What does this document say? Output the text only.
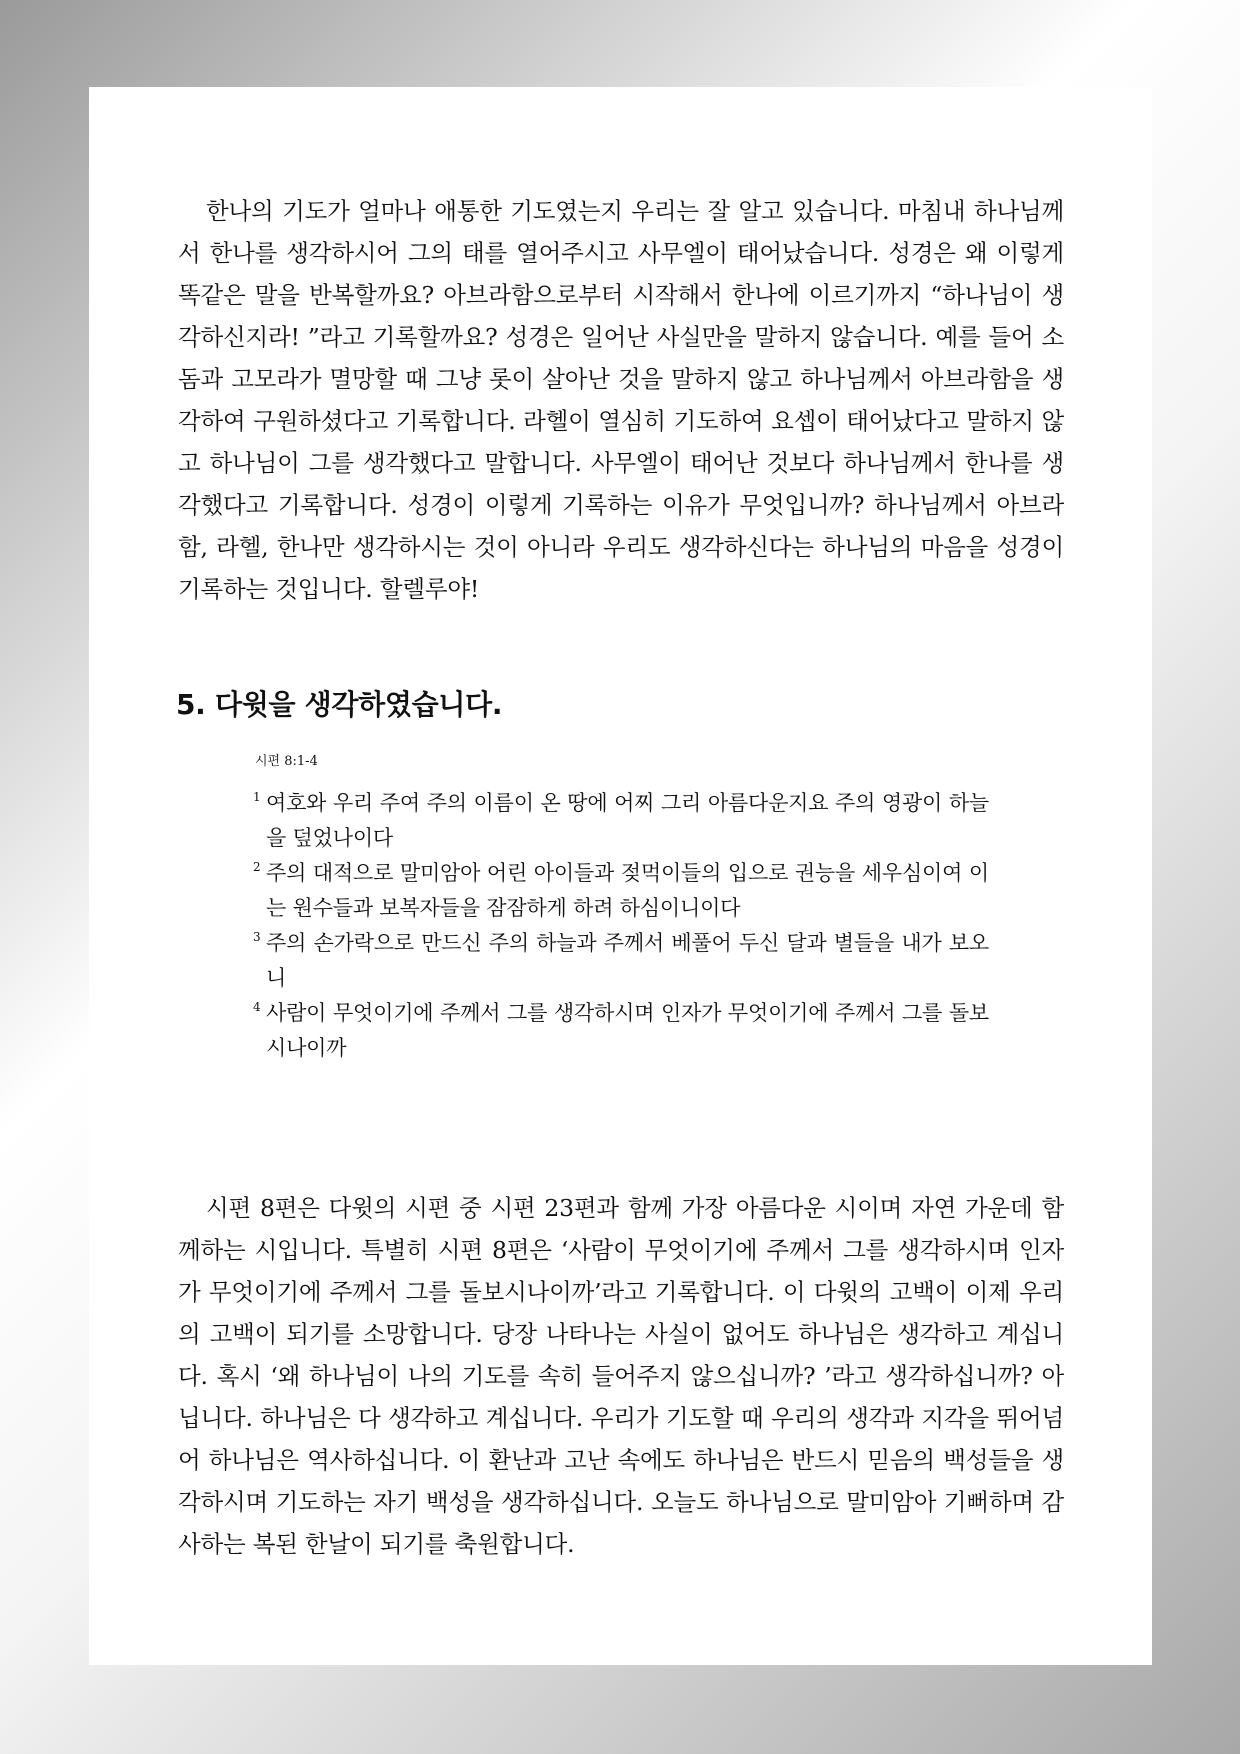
한나의 기도가 얼마나 애통한 기도였는지 우리는 잘 알고 있습니다. 마침내 하나님께서 한나를 생각하시어 그의 태를 열어주시고 사무엘이 태어났습니다. 성경은 왜 이렇게 똑같은 말을 반복할까요? 아브라함으로부터 시작해서 한나에 이르기까지 “하나님이 생각하신지라! ”라고 기록할까요? 성경은 일어난 사실만을 말하지 않습니다. 예를 들어 소돔과 고모라가 멸망할 때 그냥 롯이 살아난 것을 말하지 않고 하나님께서 아브라함을 생각하여 구원하셨다고 기록합니다. 라헬이 열심히 기도하여 요셉이 태어났다고 말하지 않고 하나님이 그를 생각했다고 말합니다. 사무엘이 태어난 것보다 하나님께서 한나를 생각했다고 기록합니다. 성경이 이렇게 기록하는 이유가 무엇입니까? 하나님께서 아브라함, 라헬, 한나만 생각하시는 것이 아니라 우리도 생각하신다는 하나님의 마음을 성경이 기록하는 것입니다. 할렐루야!

5. 다윗을 생각하였습니다.
시편 8:1-4
1 여호와 우리 주여 주의 이름이 온 땅에 어찌 그리 아름다운지요 주의 영광이 하늘을 덮었나이다
2 주의 대적으로 말미암아 어린 아이들과 젖먹이들의 입으로 권능을 세우심이여 이는 원수들과 보복자들을 잠잠하게 하려 하심이니이다
3 주의 손가락으로 만드신 주의 하늘과 주께서 베풀어 두신 달과 별들을 내가 보오니
4 사람이 무엇이기에 주께서 그를 생각하시며 인자가 무엇이기에 주께서 그를 돌보시나이까

시편 8편은 다윗의 시편 중 시편 23편과 함께 가장 아름다운 시이며 자연 가운데 함께하는 시입니다. 특별히 시편 8편은 ‘사람이 무엇이기에 주께서 그를 생각하시며 인자가 무엇이기에 주께서 그를 돌보시나이까’라고 기록합니다. 이 다윗의 고백이 이제 우리의 고백이 되기를 소망합니다. 당장 나타나는 사실이 없어도 하나님은 생각하고 계십니다. 혹시 ‘왜 하나님이 나의 기도를 속히 들어주지 않으십니까? ’라고 생각하십니까? 아닙니다. 하나님은 다 생각하고 계십니다. 우리가 기도할 때 우리의 생각과 지각을 뛰어넘어 하나님은 역사하십니다. 이 환난과 고난 속에도 하나님은 반드시 믿음의 백성들을 생각하시며 기도하는 자기 백성을 생각하십니다. 오늘도 하나님으로 말미암아 기뻐하며 감사하는 복된 한날이 되기를 축원합니다.
